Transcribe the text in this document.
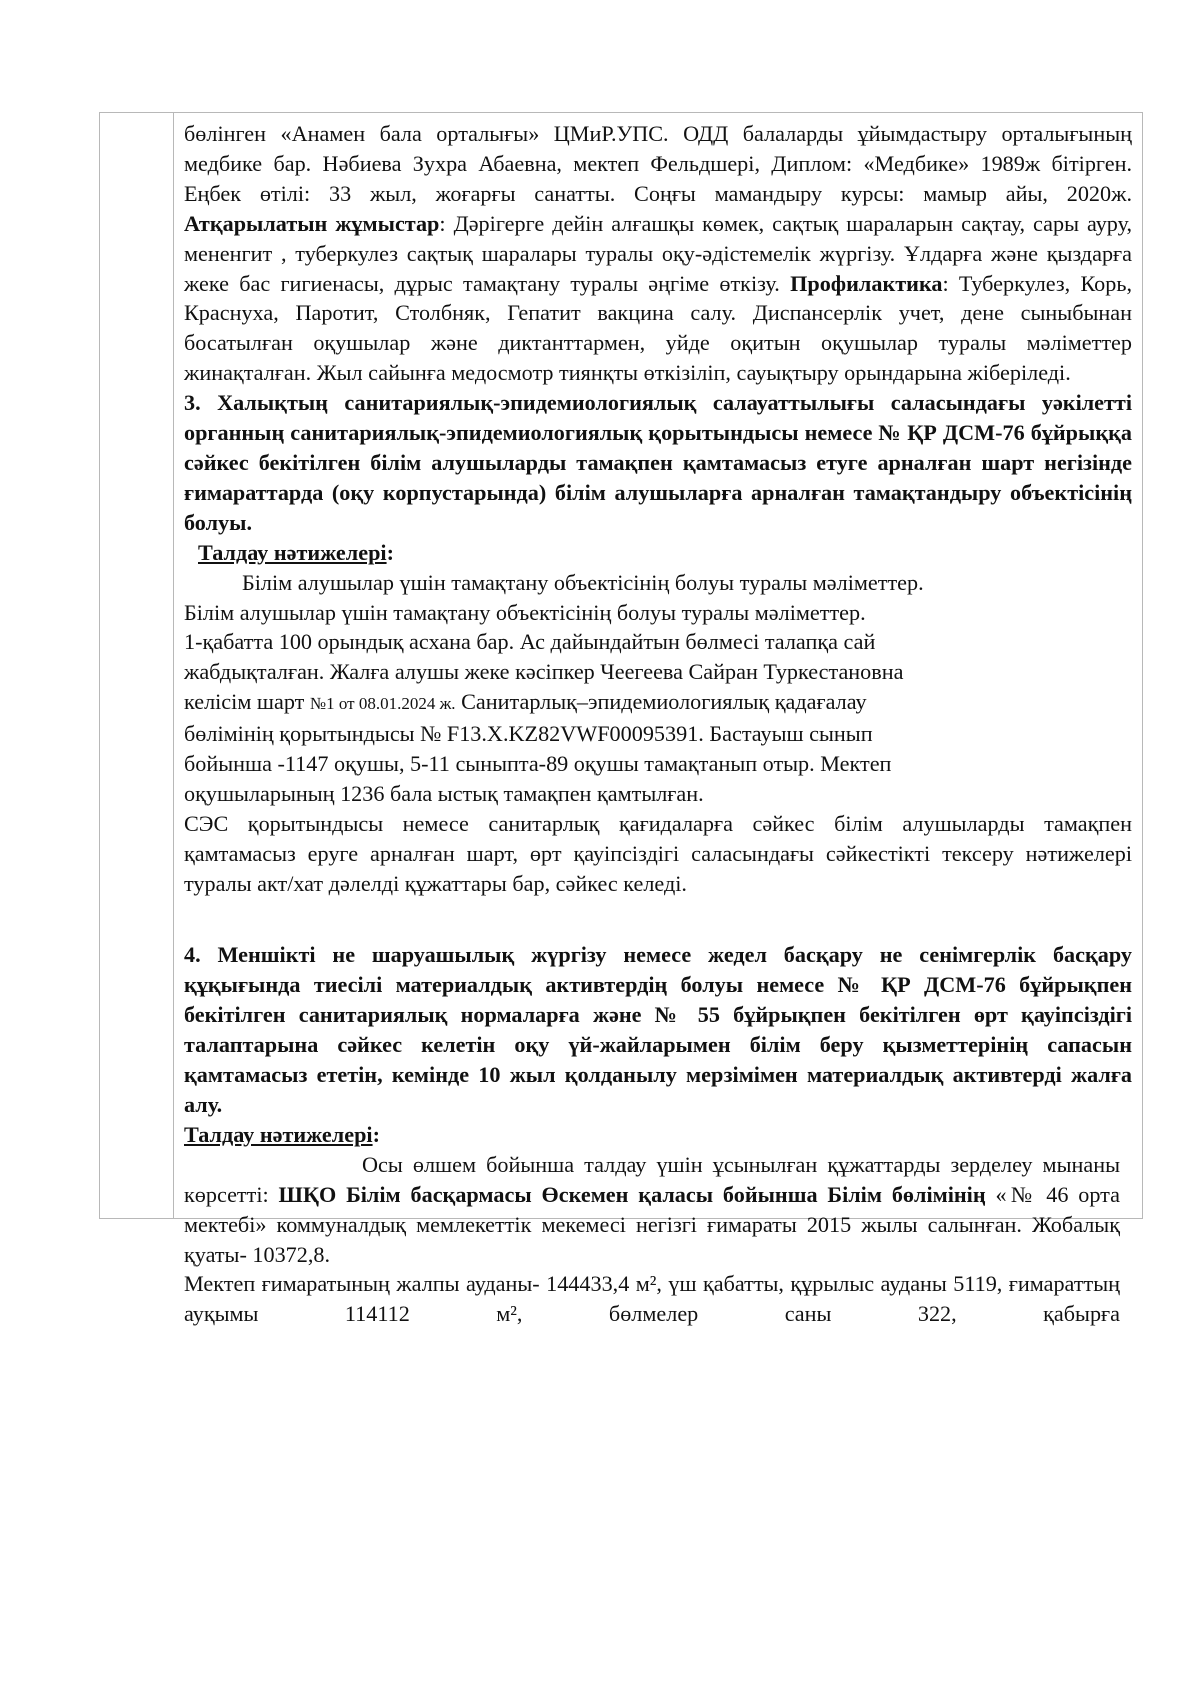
бөлінген «Анамен бала орталығы» ЦМиР.УПС. ОДД балаларды ұйымдастыру орталығының медбике бар. Нәбиева Зухра Абаевна, мектеп Фельдшері, Диплом: «Медбике» 1989ж бітірген. Еңбек өтілі: 33 жыл, жоғарғы санатты. Соңғы мамандыру курсы: мамыр айы, 2020ж. Атқарылатын жұмыстар: Дәрігерге дейін алғашқы көмек, сақтық шараларын сақтау, сары ауру, мененгит , туберкулез сақтық шаралары туралы оқу-әдістемелік жүргізу. Ұлдарға және қыздарға жеке бас гигиенасы, дұрыс тамақтану туралы әңгіме өткізу. Профилактика: Туберкулез, Корь, Краснуха, Паротит, Столбняк, Гепатит вакцина салу. Диспансерлік учет, дене сыныбынан босатылған оқушылар және диктанттармен, уйде оқитын оқушылар туралы мәліметтер жинақталған. Жыл сайынға медосмотр тиянқты өткізіліп, сауықтыру орындарына жіберіледі.

3. Халықтың санитариялық-эпидемиологиялық салауаттылығы саласындағы уәкілетті органның санитариялық-эпидемиологиялық қорытындысы немесе № ҚР ДСМ-76 бұйрыққа сәйкес бекітілген білім алушыларды тамақпен қамтамасыз етуге арналған шарт негізінде ғимараттарда (оқу корпустарында) білім алушыларға арналған тамақтандыру объектісінің болуы.

Талдау нәтижелері:

Білім алушылар үшін тамақтану объектісінің болуы туралы мәліметтер.

Білім алушылар үшін тамақтану объектісінің болуы туралы мәліметтер.

1-қабатта 100 орындық асхана бар. Ас дайындайтын бөлмесі талапқа сай жабдықталған. Жалға алушы жеке кәсіпкер Чеегеева Сайран Туркестановна келісім шарт №1 от 08.01.2024 ж. Санитарлық–эпидемиологиялық қадағалау бөлімінің қорытындысы № F13.X.KZ82VWF00095391. Бастауыш сынып бойынша -1147 оқушы, 5-11 сыныпта-89 оқушы тамақтанып отыр. Мектеп оқушыларының 1236 бала ыстық тамақпен қамтылған.

СЭС қорытындысы немесе санитарлық қағидаларға сәйкес білім алушыларды тамақпен қамтамасыз еруге арналған шарт, өрт қауіпсіздігі саласындағы сәйкестікті тексеру нәтижелері туралы акт/хат дәлелді құжаттары бар, сәйкес келеді.

4. Меншікті не шаруашылық жүргізу немесе жедел басқару не сенімгерлік басқару құқығында тиесілі материалдық активтердің болуы немесе № ҚР ДСМ-76 бұйрықпен бекітілген санитариялық нормаларға және № 55 бұйрықпен бекітілген өрт қауіпсіздігі талаптарына сәйкес келетін оқу үй-жайларымен білім беру қызметтерінің сапасын қамтамасыз ететін, кемінде 10 жыл қолданылу мерзімімен материалдық активтерді жалға алу.

Талдау нәтижелері:

Осы өлшем бойынша талдау үшін ұсынылған құжаттарды зерделеу мынаны көрсетті: ШҚО Білім басқармасы Өскемен қаласы бойынша Білім бөлімінің «№ 46 орта мектебі» коммуналдық мемлекеттік мекемесі негізгі ғимараты 2015 жылы салынған. Жобалық қуаты- 10372,8.

Мектеп ғимаратының жалпы ауданы- 144433,4 м², үш қабатты, құрылыс ауданы 5119, ғимараттың ауқымы 114112 м², бөлмелер саны 322, қабырға
